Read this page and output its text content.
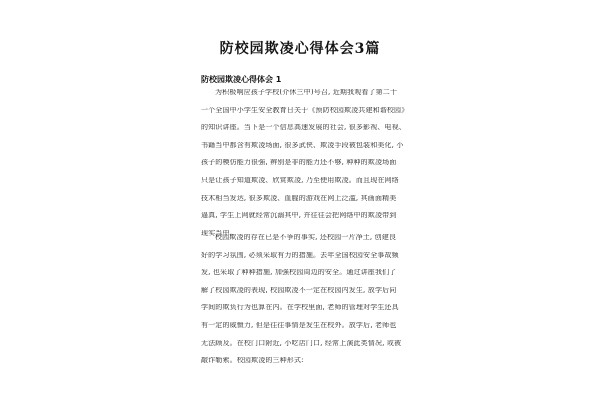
防校园欺凌心得体会3篇
防校园欺凌心得体会 1
为积极响应孩子学校(介休三中)号召, 近期我观看了第二十
一个全国中小学生安全教育日关于《预防校园欺凌共建和谐校园》
的知识讲座。当下是一个信息高速发展的社会, 很多影视、电视、
书籍当中都含有欺凌场面, 很多武侠、欺凌手段被包装和美化, 小
孩子的模仿能力很强, 辨别是非的能力还不够, 种种的欺凌场面
只是让孩子知道欺凌、欣赏欺凌, 乃至使用欺凌。而且现在网络
技术相当发达, 很多欺凌、血腥的游戏在网上泛滥, 其画面精美
逼真, 学生上网就经常沉溺其中, 并往往会把网络中的欺凌带到
现实当中。
校园欺凌的存在已是不争的事实, 还校园一片净土, 创建良
好的学习氛围, 必须采取有力的措施。去年全国校园安全事故频
发, 也采取了种种措施, 加强校园周边的安全。通过讲座我们了
解了校园欺凌的表现, 校园欺凌不一定在校园内发生, 放学后同
学间的欺负行为也算在内。在学校里面, 老师的管理对学生还具
有一定的威慑力, 但是往往事情是发生在校外。放学后, 老师也
无法顾及。在校门口附近, 小吃店门口, 经常上演此类情况, 或被
敲诈勒索。校园欺凌的三种形式:
